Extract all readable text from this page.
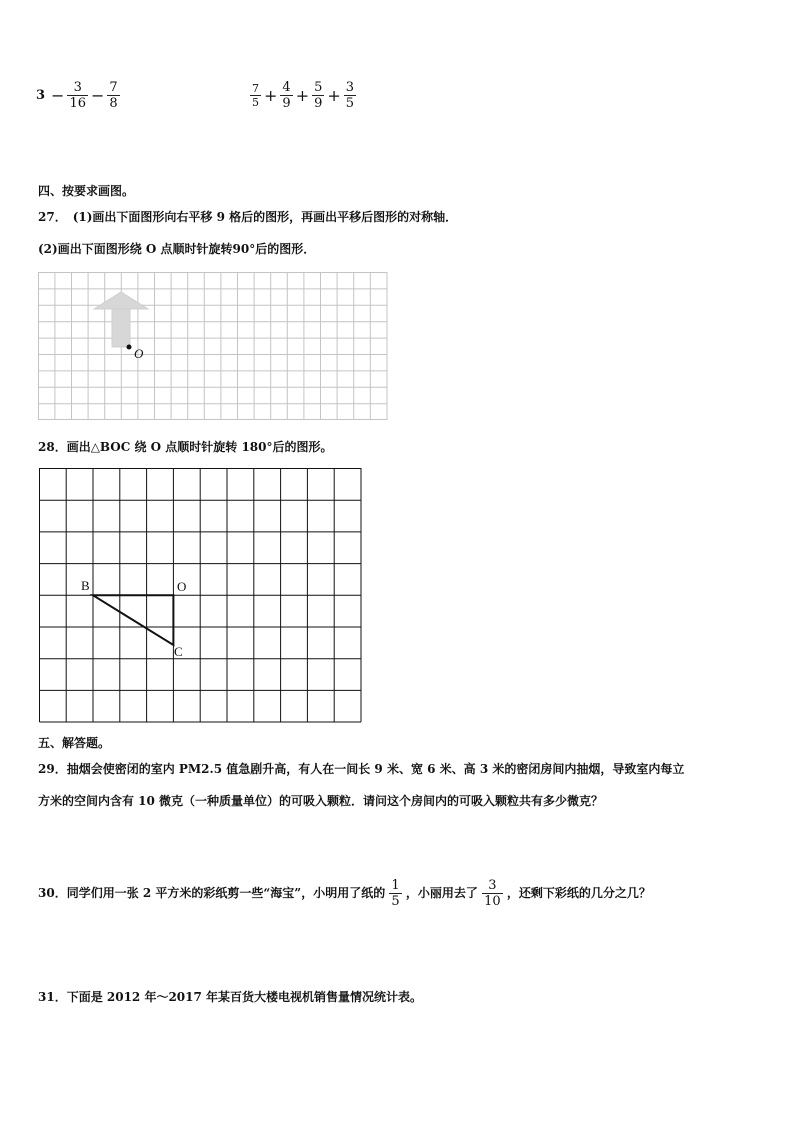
$3 - \frac{3}{16} - \frac{7}{8}$	$\frac{7}{5} + \frac{4}{9} + \frac{5}{9} + \frac{3}{5}$
四、按要求画图。
27．　(1)画出下面图形向右平移 9 格后的图形，再画出平移后图形的对称轴．
(2)画出下面图形绕 O 点顺时针旋转90°后的图形．
O
28．画出△BOC 绕 O 点顺时针旋转 180°后的图形。
B	O
C
五、解答题。
29．抽烟会使密闭的室内 PM2.5 值急剧升高，有人在一间长 9 米、宽 6 米、高 3 米的密闭房间内抽烟，导致室内每立
方米的空间内含有 10 微克（一种质量单位）的可吸入颗粒．请问这个房间内的可吸入颗粒共有多少微克？
30．同学们用一张 2 平方米的彩纸剪一些“海宝”，小明用了纸的 $\frac{1}{5}$ ，小丽用去了 $\frac{3}{10}$ ，还剩下彩纸的几分之几？
31．下面是 2012 年～2017 年某百货大楼电视机销售量情况统计表。
